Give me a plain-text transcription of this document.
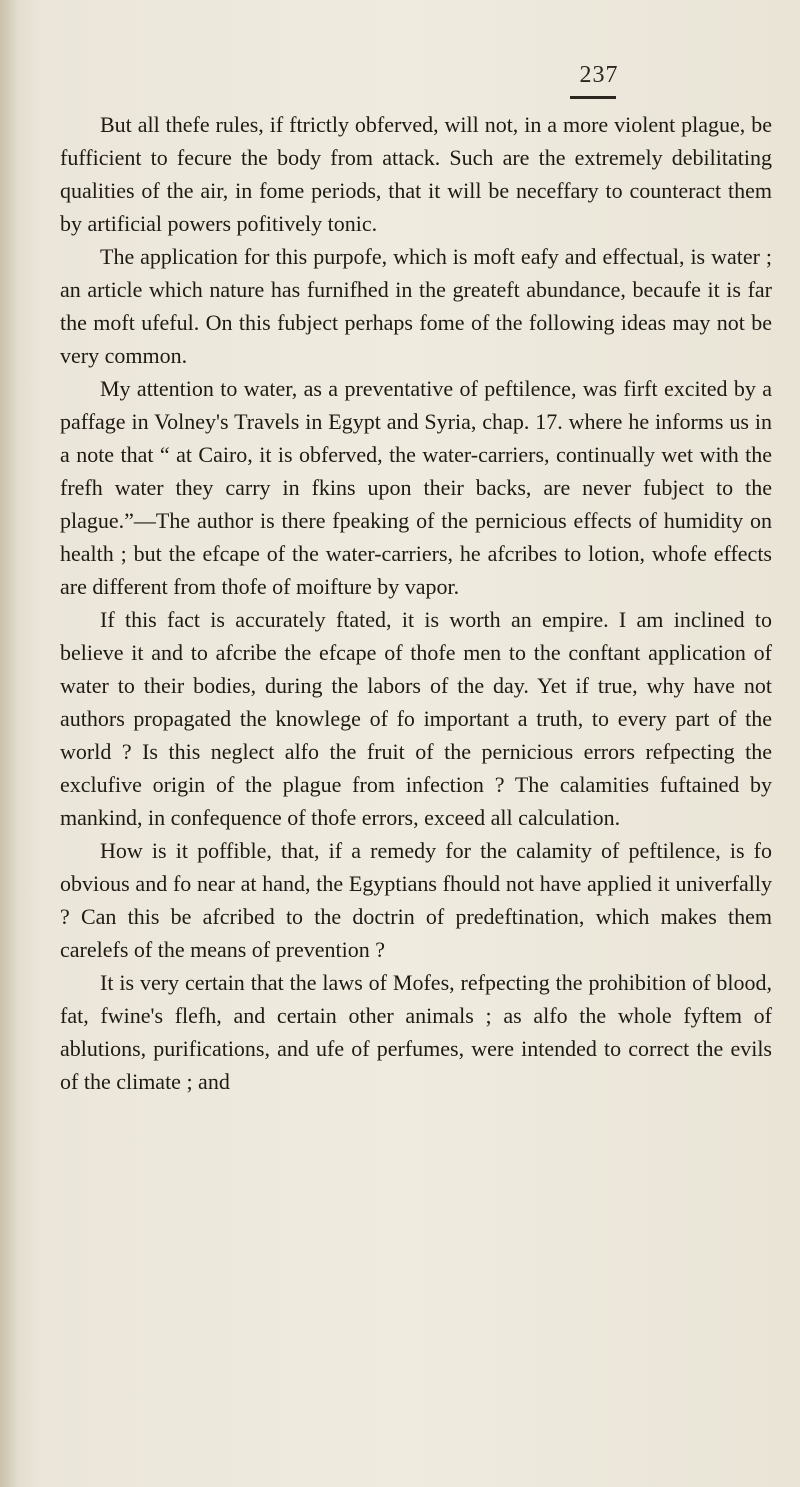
237

But all thefe rules, if ftrictly obferved, will not, in a more violent plague, be fufficient to fecure the body from attack. Such are the extremely debilitating qualities of the air, in fome periods, that it will be neceffary to counteract them by artificial powers pofitively tonic.

The application for this purpofe, which is moft eafy and effectual, is water ; an article which nature has furnifhed in the greateft abundance, becaufe it is far the moft ufeful. On this fubject perhaps fome of the following ideas may not be very common.

My attention to water, as a preventative of peftilence, was firft excited by a paffage in Volney's Travels in Egypt and Syria, chap. 17. where he informs us in a note that “ at Cairo, it is obferved, the water-carriers, continually wet with the frefh water they carry in fkins upon their backs, are never fubject to the plague.”—The author is there fpeaking of the pernicious effects of humidity on health ; but the efcape of the water-carriers, he afcribes to lotion, whofe effects are different from thofe of moifture by vapor.

If this fact is accurately ftated, it is worth an empire. I am inclined to believe it and to afcribe the efcape of thofe men to the conftant application of water to their bodies, during the labors of the day. Yet if true, why have not authors propagated the knowlege of fo important a truth, to every part of the world ? Is this neglect alfo the fruit of the pernicious errors refpecting the exclufive origin of the plague from infection ? The calamities fuftained by mankind, in confequence of thofe errors, exceed all calculation.

How is it poffible, that, if a remedy for the calamity of peftilence, is fo obvious and fo near at hand, the Egyptians fhould not have applied it univerfally ? Can this be afcribed to the doctrin of predeftination, which makes them carelefs of the means of prevention ?

It is very certain that the laws of Mofes, refpecting the prohibition of blood, fat, fwine's flefh, and certain other animals ; as alfo the whole fyftem of ablutions, purifications, and ufe of perfumes, were intended to correct the evils of the climate ; and
